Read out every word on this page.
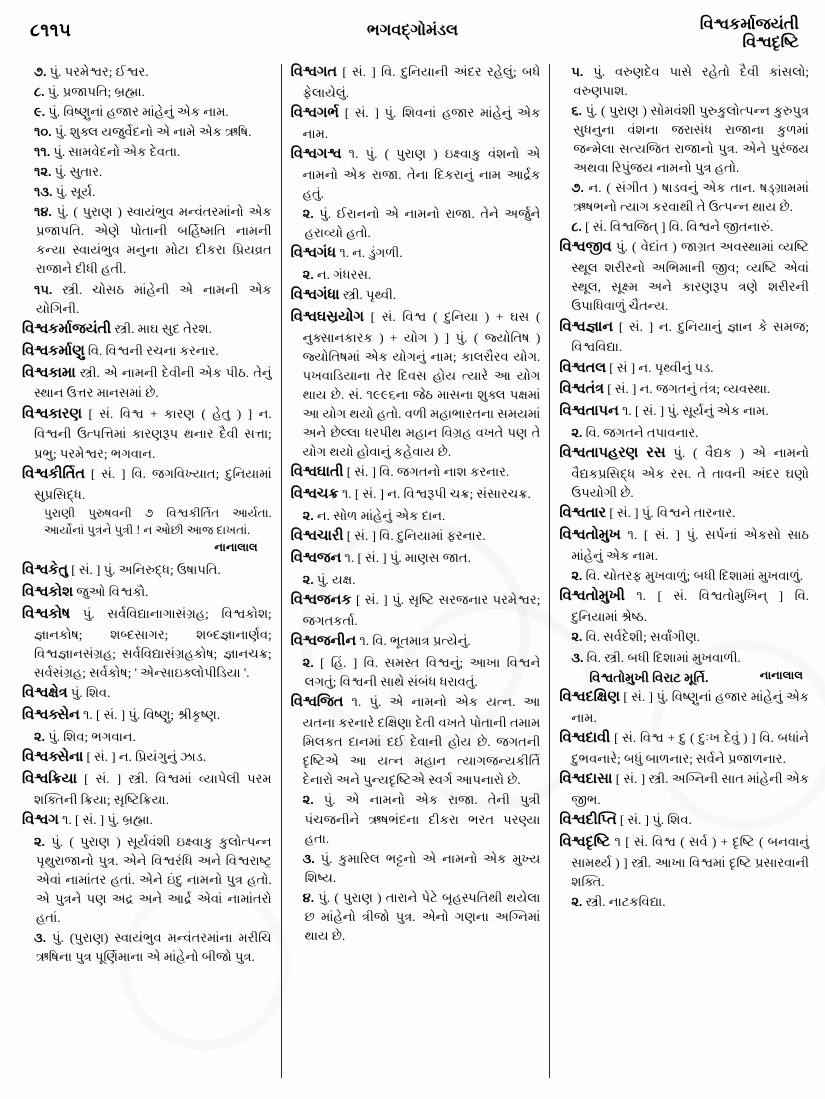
૮૧૧૫	ભગવદ્ગોમંડલ	વિશ્વકર્માજયંતી
વિશ્વદૃષ્ટિ

૭. પું. પરમેશ્વર; ઈશ્વર.

૮. પું. પ્રજાપતિ; બ્રહ્મા.

૯. પું. વિષ્ણુનાં હજાર માંહેનું એક નામ.

૧૦. પું. શુક્લ યજુર્વેદનો એ નામે એક ઋષિ.

૧૧. પું. સામવેદનો એક દેવતા.

૧૨. પું. સુતાર.

૧૩. પું. સૂર્ય.

૧૪. પું. ( પુરાણ ) સ્વાયંભુવ મન્વંતરમાંનો એક પ્રજાપતિ. એણે પોતાની બર્હિષ્મતિ નામની કન્યા સ્વાયંભુવ મનુના મોટા દીકરા પ્રિયવ્રત રાજાને દીધી હતી.

૧૫. સ્ત્રી. ચોસઠ માંહેની એ નામની એક યોગિની.

વિશ્વકર્માજયંતી સ્ત્રી. માઘ સુદ તેરશ.

વિશ્વકર્માણુ વિ. વિશ્વની રચના કરનાર.

વિશ્વકામા સ્ત્રી. એ નામની દેવીની એક પીઠ. તેનું સ્થાન ઉત્તર માનસમાં છે.

વિશ્વકારણ [ સં. વિશ્વ + કારણ ( હેતુ ) ] ન. વિશ્વની ઉત્પત્તિમાં કારણરૂપ થનાર દૈવી સત્તા; પ્રભુ; પરમેશ્વર; ભગવાન.

વિશ્વકીર્તિત [ સં. ] વિ. જગવિખ્યાત; દુનિયામાં સુપ્રસિદ્ધ.

પુરાણી પુરુષવની ૭ વિશ્વકીર્તિત આર્યતા. આર્યોનાં પુત્રને પુત્રી ! ન ઓછી આજ દાખતાં.

નાનાલાલ

વિશ્વકેતુ [ સં. ] પું. અનિરુદ્ધ; ઉષાપતિ.

વિશ્વકોશ જુઓ વિશ્વકોૅ.

વિશ્વકોષ પું. સર્વવિદ્યાનાગાસંગ્રહ; વિશ્વકોશ; જ્ઞાનકોષ; શબ્દસાગર; શબ્દજ્ઞાનાર્ણવ; વિશ્વજ્ઞાનસંગ્રહ; સર્વવિદ્યાસંગ્રહકોષ; જ્ઞાનચક્ર; સર્વસંગ્રહ; સર્વકોષ; ' એન્સાઇક્લોપીડિયા '.

વિશ્વક્ષેત્ર પું. શિવ.

વિશ્વક્સેન ૧. [ સં. ] પું. વિષ્ણુ; શ્રીકૃષ્ણ.

૨. પું. શિવ; ભગવાન.

વિશ્વક્સેના [ સં. ] ન. પ્રિયંગુનું ઝાડ.

વિશ્વક્રિયા [ સં. ] સ્ત્રી. વિશ્વમાં વ્યાપેલી પરમ શક્તિની ક્રિયા; સૃષ્ટિક્રિયા.

વિશ્વગ ૧. [ સં. ] પું. બ્રહ્મા.

૨. પું. ( પુરાણ ) સૂર્યવંશી ઇક્ષ્વાકુ કુલોત્પન્ન પૃથુરાજાનો પુત્ર. એને વિશ્વરંધિ અને વિશ્વરાષ્ટ્ર એવાં નામાંતર હતાં. એને ઇંદુ નામનો પુત્ર હતો. એ પુત્રને પણ અદ્ર અને આર્દ્ર એવાં નામાંતરો હતાં.

૩. પું. (પુરાણ) સ્વાયંભુવ મન્વંતરમાંના મરીચિ ઋષિના પુત્ર પૂર્ણિમાના એ માંહેનો બીજો પુત્ર.

વિશ્વગત [ સં. ] વિ. દુનિયાની અંદર રહેલું; બધે ફેલાયેલું.

વિશ્વગર્ભ [ સં. ] પું. શિવનાં હજાર માંહેનું એક નામ.

વિશ્વગશ્વ ૧. પું. ( પુરાણ ) ઇક્ષ્વાકુ વંશનો એ નામનો એક રાજા. તેના દિકરાનું નામ આર્દ્રક હતું.

૨. પું. ઈરાનનો એ નામનો રાજા. તેને અર્જુને હરાવ્યો હતો.

વિશ્વગંધ ૧. ન. ડુંગળી.

૨. ન. ગંધરસ.

વિશ્વગંધા સ્ત્રી. પૃથ્વી.

વિશ્વઘસ્રયોગ [ સં. વિશ્વ ( દુનિયા ) + ઘસ ( નુક્સાનકારક ) + યોગ ) ] પું. ( જ્યોતિષ ) જ્યોતિષમાં એક યોગનું નામ; કાલરૌરવ યોગ. પખવાડિયાના તેર દિવસ હોય ત્યારે આ યોગ થાય છે. સં. ૧૯૯૬ના જેઠ માસના શુક્લ પક્ષમાં આ યોગ થયો હતો. વળી મહાભારતના સમયમાં અને છેલ્લા ધરપીથ મહાન વિગ્રહ વખતે પણ તે યોગ થયો હોવાનું કહેવાય છે.

વિશ્વઘાતી [ સં. ] વિ. જગતનો નાશ કરનાર.

વિશ્વચક્ર ૧. [ સં. ] ન. વિશ્વરૂપી ચક્ર; સંસારચક્ર.

૨. ન. સોળ માંહેનું એક દાન.

વિશ્વચારી [ સં. ] વિ. દુનિયામાં ફરનાર.

વિશ્વજન ૧. [ સં. ] પું. માણસ જાત.

૨. પું. યક્ષ.

વિશ્વજનક [ સં. ] પું. સૃષ્ટિ સરજનાર પરમેશ્વર; જગતકર્તા.

વિશ્વજનીન ૧. વિ. ભૂતમાત્ર પ્રત્યેનું.

૨. [ હિં. ] વિ. સમસ્ત વિશ્વનું; આખા વિશ્વને લગતું; વિશ્વની સાથે સંબંધ ધરાવતું.

વિશ્વજિત ૧. પું. એ નામનો એક યત્ન. આ યતના કરનારે દક્ષિણા દેતી વખતે પોતાની તમામ મિલકત દાનમાં દઈ દેવાની હોય છે. જગતની દૃષ્ટિએ આ યત્ન મહાન ત્યાગજન્યકીર્તિ દેનારો અને પુન્યદૃષ્ટિએ સ્વર્ગ આપનારો છે.

૨. પું. એ નામનો એક રાજા. તેની પુત્રી પંચજનીને ઋષભંદના દીકરા ભરત પરણ્યા હતા.

૩. પું. કુમારિલ ભટ્ટનો એ નામનો એક મુખ્ય શિષ્ય.

૪. પું. ( પુરાણ ) તારાને પેટે બૃહસ્પતિથી થયેલા છ માંહેનો ત્રીજો પુત્ર. એનો ગણના અગ્નિમાં થાય છે.

૫. પું. વરુણદેવ પાસે રહેતો દૈવી કાંસલો; વરુણપાશ.

૬. પું. ( પુરાણ ) સોમવંશી પુરુકુલોત્પન્ન કુરુપુત્ર સુધનુના વંશના જરાસંધ રાજાના કુળમાં જન્મેલા સત્યજિત રાજાનો પુત્ર. એને પુરંજય અથવા રિપુંજય નામનો પુત્ર હતો.

૭. ન. ( સંગીત ) ષાડવનું એક તાન. ષડ્ગ્રામમાં ઋષભનો ત્યાગ કરવાથી તે ઉત્પન્ન થાય છે.

૮. [ સં. વિશ્વજિત્ ] વિ. વિશ્વને જીતનારું.

વિશ્વજીવ પું. ( વેદાંત ) જાગ્રત અવસ્થામાં વ્યષ્ટિ સ્થૂલ શરીરનો અભિમાની જીવ; વ્યષ્ટિ એવાં સ્થૂલ, સૂક્ષ્મ અને કારણરૂપ ત્રણે શરીરની ઉપાધિવાળું ચૈતન્ય.

વિશ્વજ્ઞાન [ સં. ] ન. દુનિયાનું જ્ઞાન કે સમજ; વિશ્વવિદ્યા.

વિશ્વતલ [ સં ] ન. પૃથ્વીનું પડ.

વિશ્વતંત્ર [ સં. ] ન. જગતનું તંત્ર; વ્યવસ્થા.

વિશ્વતાપન ૧. [ સં. ] પું. સૂર્યનું એક નામ.

૨. વિ. જગતને તપાવનાર.

વિશ્વતાપહરણ રસ પું. ( વૈદ્યક ) એ નામનો વૈદ્યકપ્રસિદ્ધ એક રસ. તે તાવની અંદર ઘણો ઉપયોગી છે.

વિશ્વતાર [ સં. ] પું. વિશ્વને તારનાર.

વિશ્વતોમુખ ૧. [ સં. ] પું. સર્પનાં એકસો સાઠ માંહેનું એક નામ.

૨. વિ. ચોતરફ મુખવાળું; બધી દિશામાં મુખવાળું.

વિશ્વતોમુખી ૧. [ સં. વિશ્વતોમુખિન્ ] વિ. દુનિયામાં શ્રેષ્ઠ.

૨. વિ. સર્વદેશી; સર્વાંગીણ.

૩. વિ. સ્ત્રી. બધી દિશામાં મુખવાળી.

વિશ્વતોમુખી વિરાટ મૂર્તિ.	નાનાલાલ

વિશ્વદક્ષિણ [ સં. ] પું. વિષ્ણુનાં હજાર માંહેનું એક નામ.

વિશ્વદાવી [ સં. વિશ્વ + દુ ( દુઃખ દેવું ) ] વિ. બધાંને દુભવનારે; બધું બાળનાર; સર્વને પ્રજાળનાર.

વિશ્વદાસા [ સં. ] સ્ત્રી. અગ્નિની સાત માંહેની એક જીભ.

વિશ્વદીપ્તિ [ સં. ] પું. શિવ.

વિશ્વદૃષ્ટિ ૧ [ સં. વિશ્વ ( સર્વ ) + દૃષ્ટિ ( બનવાનું સામર્થ્ય ) ] સ્ત્રી. આખા વિશ્વમાં દૃષ્ટિ પ્રસારવાની શક્તિ.

૨. સ્ત્રી. નાટકવિદ્યા.
